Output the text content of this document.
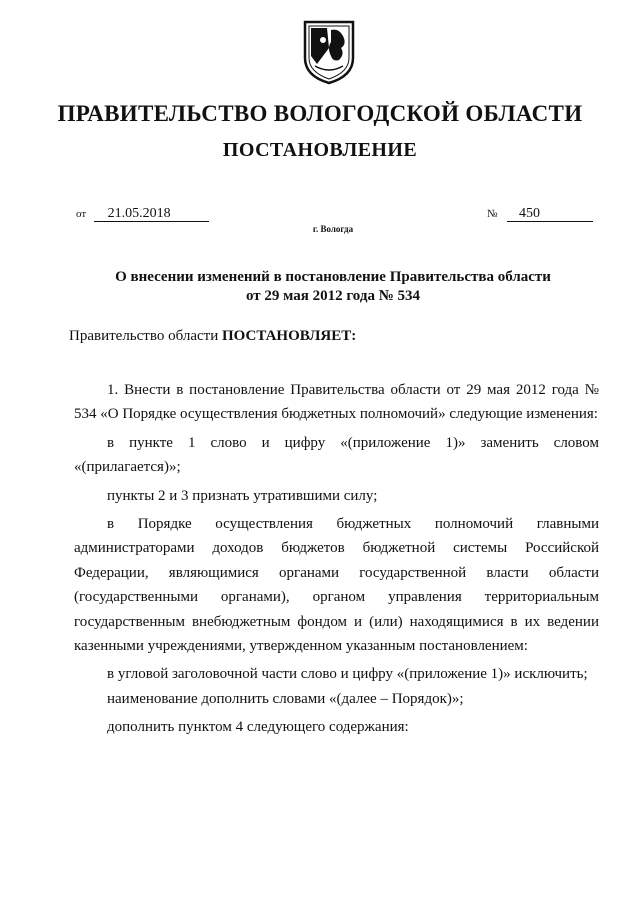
ПРАВИТЕЛЬСТВО ВОЛОГОДСКОЙ ОБЛАСТИ
ПОСТАНОВЛЕНИЕ
от 21.05.2018	№ 450
г. Вологда
О внесении изменений в постановление Правительства области
от 29 мая 2012 года № 534
Правительство области ПОСТАНОВЛЯЕТ:

1. Внести в постановление Правительства области от 29 мая 2012 года № 534 «О Порядке осуществления бюджетных полномочий» следующие изменения:

в пункте 1 слово и цифру «(приложение 1)» заменить словом «(прилагается)»;

пункты 2 и 3 признать утратившими силу;

в Порядке осуществления бюджетных полномочий главными администраторами доходов бюджетов бюджетной системы Российской Федерации, являющимися органами государственной власти области (государственными органами), органом управления территориальным государственным внебюджетным фондом и (или) находящимися в их ведении казенными учреждениями, утвержденном указанным постановлением:

в угловой заголовочной части слово и цифру «(приложение 1)» исключить;

наименование дополнить словами «(далее – Порядок)»;

дополнить пунктом 4 следующего содержания:
